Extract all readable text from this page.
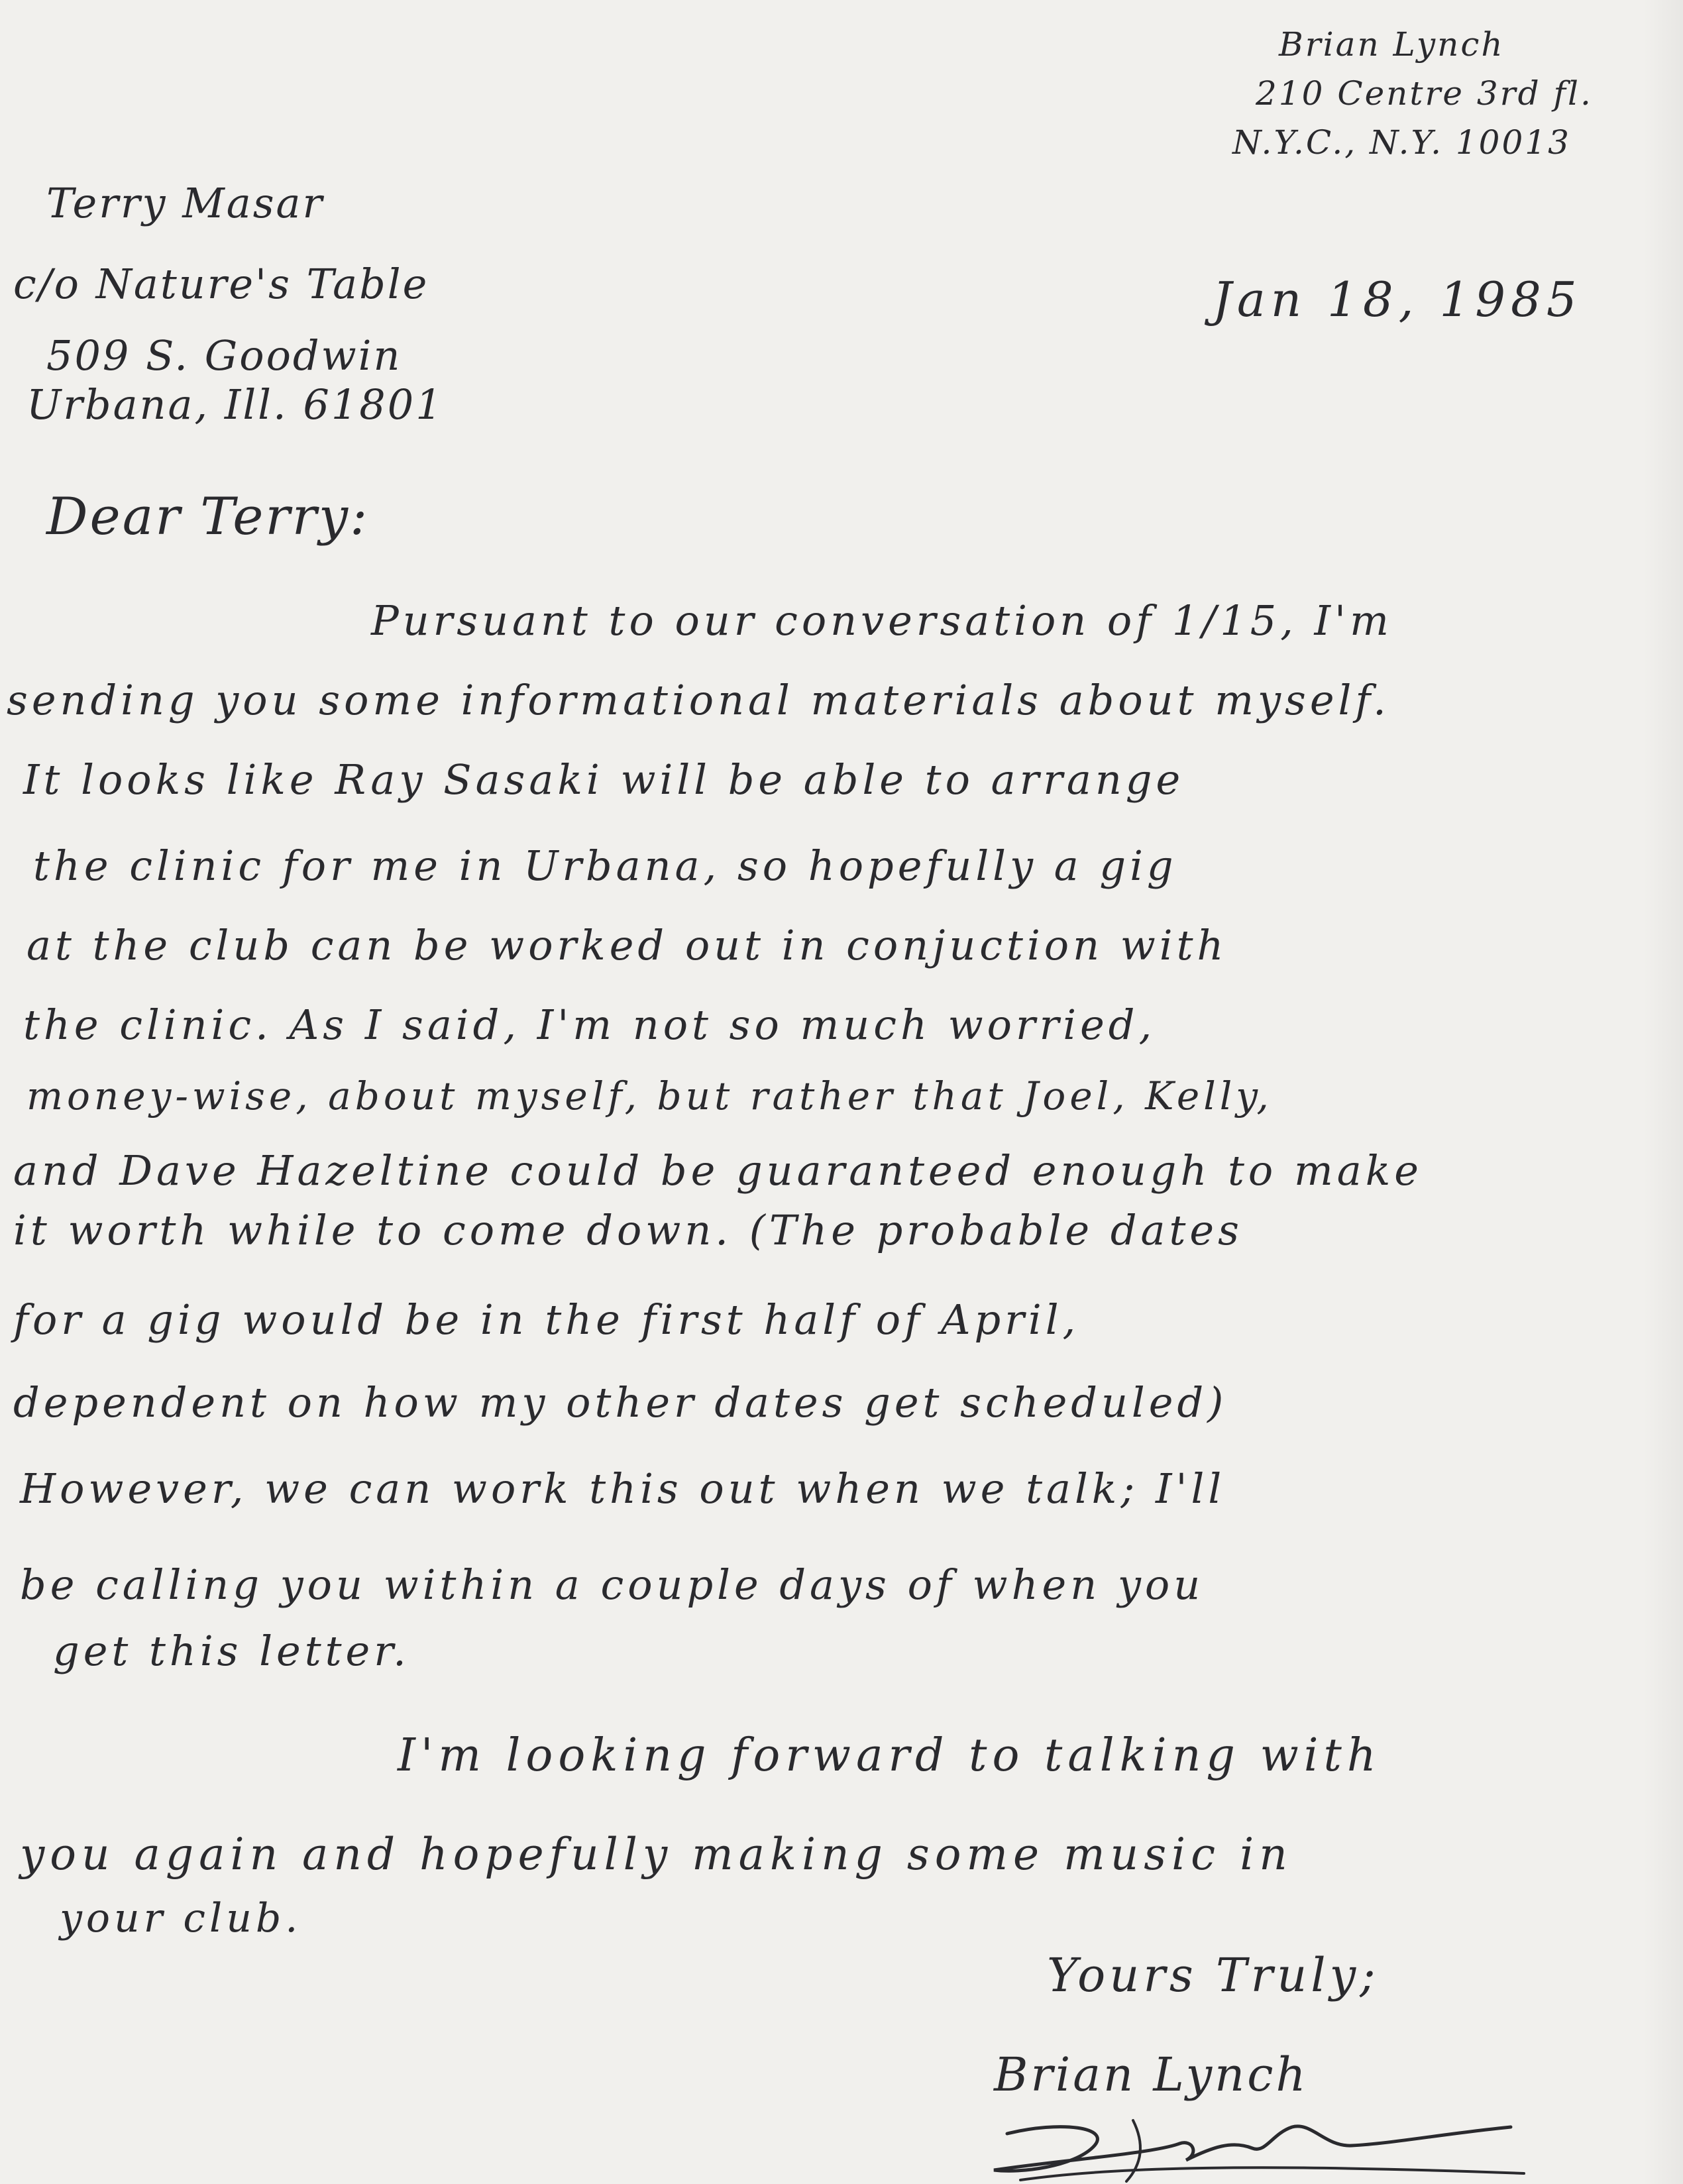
Brian Lynch
210 Centre 3rd fl.
N.Y.C., N.Y. 10013
Terry Masar
c/o Nature's Table
509 S. Goodwin
Urbana, Ill. 61801
Jan 18, 1985
Dear Terry:
Pursuant to our conversation of 1/15, I'm
sending you some informational materials about myself.
It looks like Ray Sasaki will be able to arrange
the clinic for me in Urbana, so hopefully a gig
at the club can be worked out in conjuction with
the clinic. As I said, I'm not so much worried,
money-wise, about myself, but rather that Joel, Kelly,
and Dave Hazeltine could be guaranteed enough to make
it worth while to come down. (The probable dates
for a gig would be in the first half of April,
dependent on how my other dates get scheduled)
However, we can work this out when we talk; I'll
be calling you within a couple days of when you
get this letter.
I'm looking forward to talking with
you again and hopefully making some music in
your club.
Yours Truly;
Brian Lynch
